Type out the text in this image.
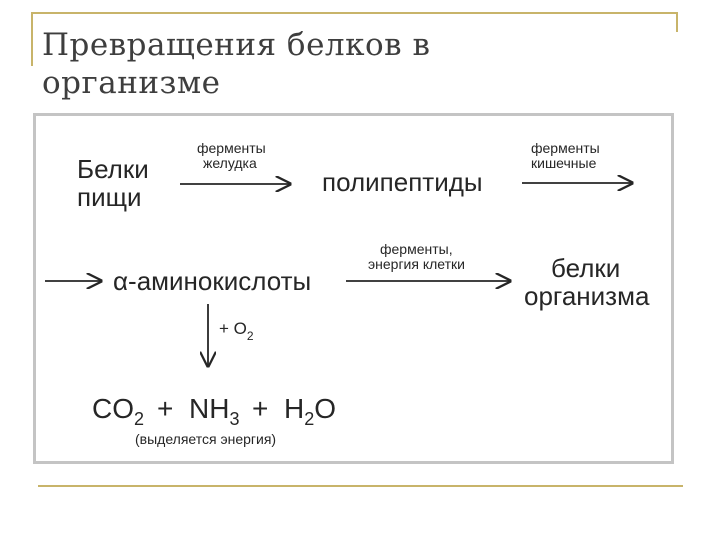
Превращения белков в
организме
Белки
пищи
ферменты
желудка
полипептиды
ферменты
кишечные
α-аминокислоты
ферменты,
энергия клетки	белки
организма
+ $O_2$
$CO_2 + NH_3 + H_2O$
(выделяется энергия)
